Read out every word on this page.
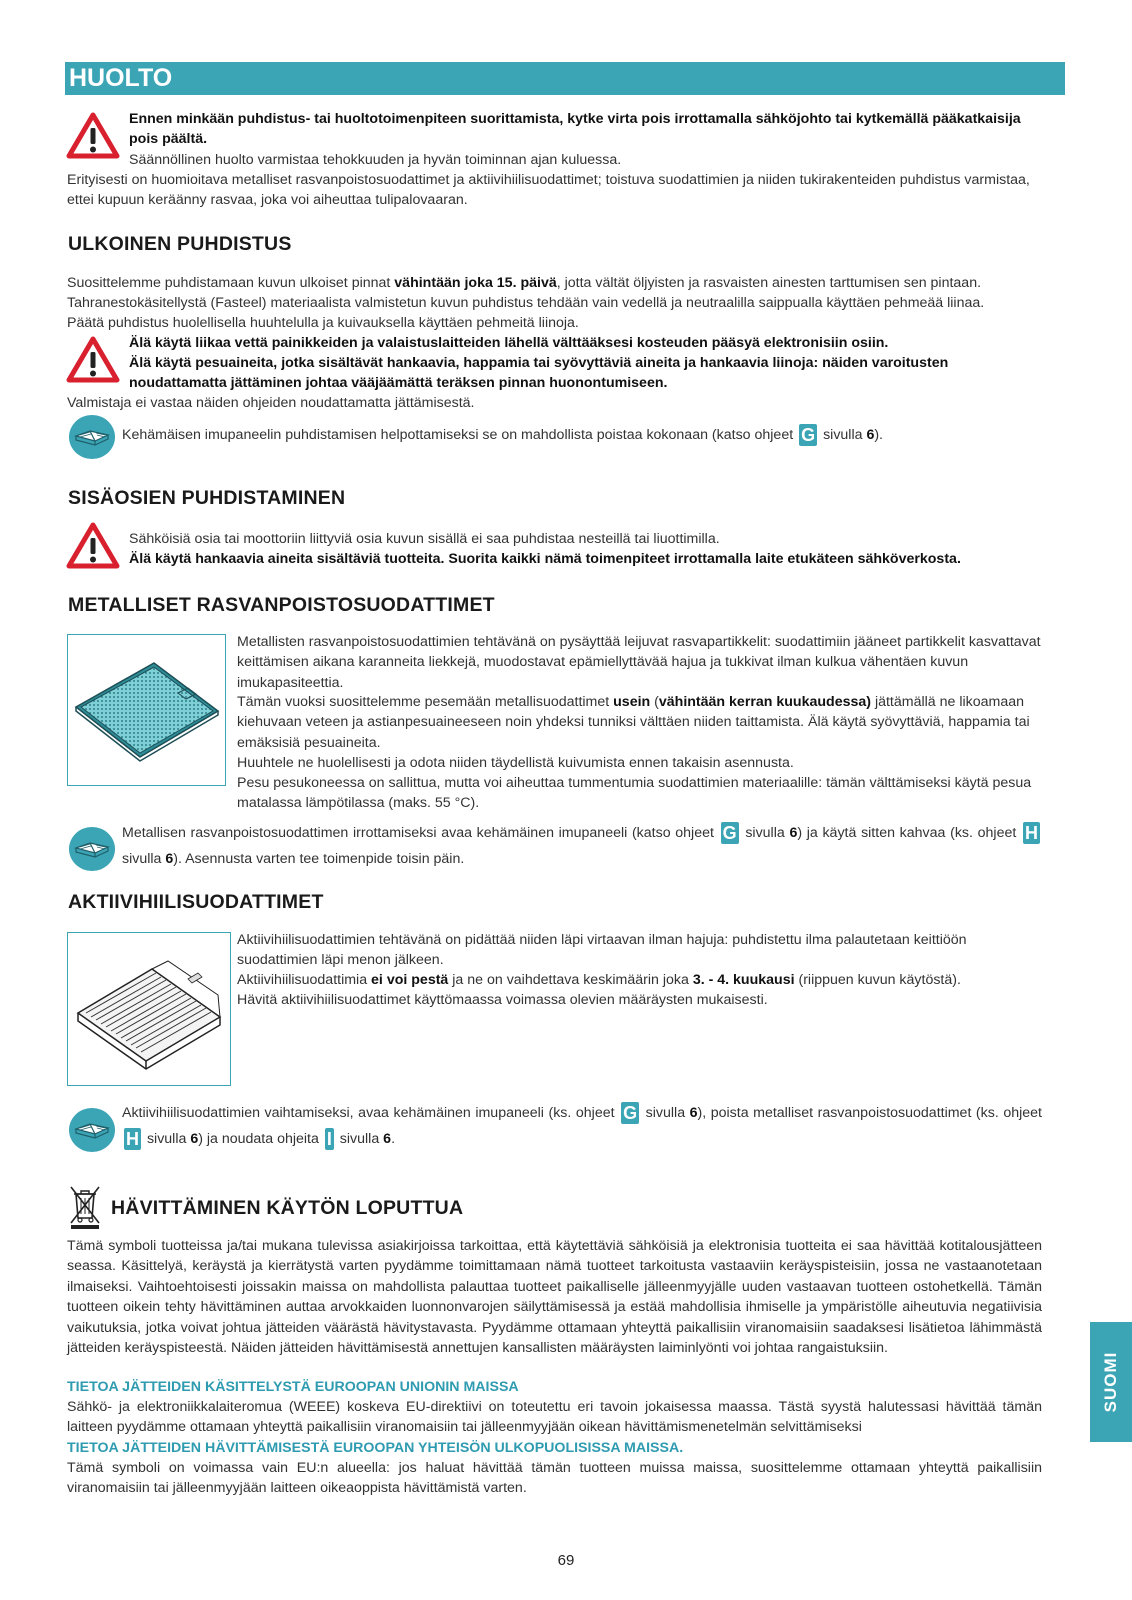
HUOLTO
Ennen minkään puhdistus- tai huoltotoimenpiteen suorittamista, kytke virta pois irrottamalla sähköjohto tai kytkemällä pääkatkaisija pois päältä.
Säännöllinen huolto varmistaa tehokkuuden ja hyvän toiminnan ajan kuluessa.
Erityisesti on huomioitava metalliset rasvanpoistosuodattimet ja aktiivihiilisuodattimet; toistuva suodattimien ja niiden tukirakenteiden puhdistus varmistaa, ettei kupuun keräänny rasvaa, joka voi aiheuttaa tulipalovaaran.
ULKOINEN PUHDISTUS
Suosittelemme puhdistamaan kuvun ulkoiset pinnat vähintään joka 15. päivä, jotta vältät öljyisten ja rasvaisten ainesten tarttumisen sen pintaan.
Tahranestokäsitellystä (Fasteel) materiaalista valmistetun kuvun puhdistus tehdään vain vedellä ja neutraalilla saippualla käyttäen pehmeää liinaa.
Päätä puhdistus huolellisella huuhtelulla ja kuivauksella käyttäen pehmeitä liinoja.
Älä käytä liikaa vettä painikkeiden ja valaistuslaitteiden lähellä välttääksesi kosteuden pääsyä elektronisiin osiin.
Älä käytä pesuaineita, jotka sisältävät hankaavia, happamia tai syövyttäviä aineita ja hankaavia liinoja: näiden varoitusten noudattamatta jättäminen johtaa vääjäämättä teräksen pinnan huonontumiseen.
Valmistaja ei vastaa näiden ohjeiden noudattamatta jättämisestä.
Kehämäisen imupaneelin puhdistamisen helpottamiseksi se on mahdollista poistaa kokonaan (katso ohjeet G sivulla 6).
SISÄOSIEN PUHDISTAMINEN
Sähköisiä osia tai moottoriin liittyviä osia kuvun sisällä ei saa puhdistaa nesteillä tai liuottimilla.
Älä käytä hankaavia aineita sisältäviä tuotteita. Suorita kaikki nämä toimenpiteet irrottamalla laite etukäteen sähköverkosta.
METALLISET RASVANPOISTOSUODATTIMET
Metallisten rasvanpoistosuodattimien tehtävänä on pysäyttää leijuvat rasvapartikkelit: suodattimiin jääneet partikkelit kasvattavat keittämisen aikana karanneita liekkejä, muodostavat epämiellyttävää hajua ja tukkivat ilman kulkua vähentäen kuvun imukapasiteettia.
Tämän vuoksi suosittelemme pesemään metallisuodattimet usein (vähintään kerran kuukaudessa) jättämällä ne likoamaan kiehuvaan veteen ja astianpesuaineeseen noin yhdeksi tunniksi välttäen niiden taittamista. Älä käytä syövyttäviä, happamia tai emäksisiä pesuaineita.
Huuhtele ne huolellisesti ja odota niiden täydellistä kuivumista ennen takaisin asennusta.
Pesu pesukoneessa on sallittua, mutta voi aiheuttaa tummentumia suodattimien materiaalille: tämän välttämiseksi käytä pesua matalassa lämpötilassa (maks. 55 °C).
Metallisen rasvanpoistosuodattimen irrottamiseksi avaa kehämäinen imupaneeli (katso ohjeet G sivulla 6) ja käytä sitten kahvaa (ks. ohjeet H sivulla 6). Asennusta varten tee toimenpide toisin päin.
AKTIIVIHIILISUODATTIMET
Aktiivihiilisuodattimien tehtävänä on pidättää niiden läpi virtaavan ilman hajuja: puhdistettu ilma palautetaan keittiöön suodattimien läpi menon jälkeen.
Aktiivihiilisuodattimia ei voi pestä ja ne on vaihdettava keskimäärin joka 3. - 4. kuukausi (riippuen kuvun käytöstä).
Hävitä aktiivihiilisuodattimet käyttömaassa voimassa olevien määräysten mukaisesti.
Aktiivihiilisuodattimien vaihtamiseksi, avaa kehämäinen imupaneeli (ks. ohjeet G sivulla 6), poista metalliset rasvanpoistosuodattimet (ks. ohjeet H sivulla 6) ja noudata ohjeita I sivulla 6.
HÄVITTÄMINEN KÄYTÖN LOPUTTUA
Tämä symboli tuotteissa ja/tai mukana tulevissa asiakirjoissa tarkoittaa, että käytettäviä sähköisiä ja elektronisia tuotteita ei saa hävittää kotitalousjätteen seassa. Käsittelyä, keräystä ja kierrätystä varten pyydämme toimittamaan nämä tuotteet tarkoitusta vastaaviin keräyspisteisiin, jossa ne vastaanotetaan ilmaiseksi. Vaihtoehtoisesti joissakin maissa on mahdollista palauttaa tuotteet paikalliselle jälleenmyyjälle uuden vastaavan tuotteen ostohetkellä. Tämän tuotteen oikein tehty hävittäminen auttaa arvokkaiden luonnonvarojen säilyttämisessä ja estää mahdollisia ihmiselle ja ympäristölle aiheutuvia negatiivisia vaikutuksia, jotka voivat johtua jätteiden väärästä hävitystavasta. Pyydämme ottamaan yhteyttä paikallisiin viranomaisiin saadaksesi lisätietoa lähimmästä jätteiden keräyspisteestä. Näiden jätteiden hävittämisestä annettujen kansallisten määräysten laiminlyönti voi johtaa rangaistuksiin.
TIETOA JÄTTEIDEN KÄSITTELYSTÄ EUROOPAN UNIONIN MAISSA
Sähkö- ja elektroniikkalaiteromua (WEEE) koskeva EU-direktiivi on toteutettu eri tavoin jokaisessa maassa. Tästä syystä halutessasi hävittää tämän laitteen pyydämme ottamaan yhteyttä paikallisiin viranomaisiin tai jälleenmyyjään oikean hävittämismenetelmän selvittämiseksi
TIETOA JÄTTEIDEN HÄVITTÄMISESTÄ EUROOPAN YHTEISÖN ULKOPUOLISISSA MAISSA.
Tämä symboli on voimassa vain EU:n alueella: jos haluat hävittää tämän tuotteen muissa maissa, suosittelemme ottamaan yhteyttä paikallisiin viranomaisiin tai jälleenmyyjään laitteen oikeaoppista hävittämistä varten.
SUOMI
69
